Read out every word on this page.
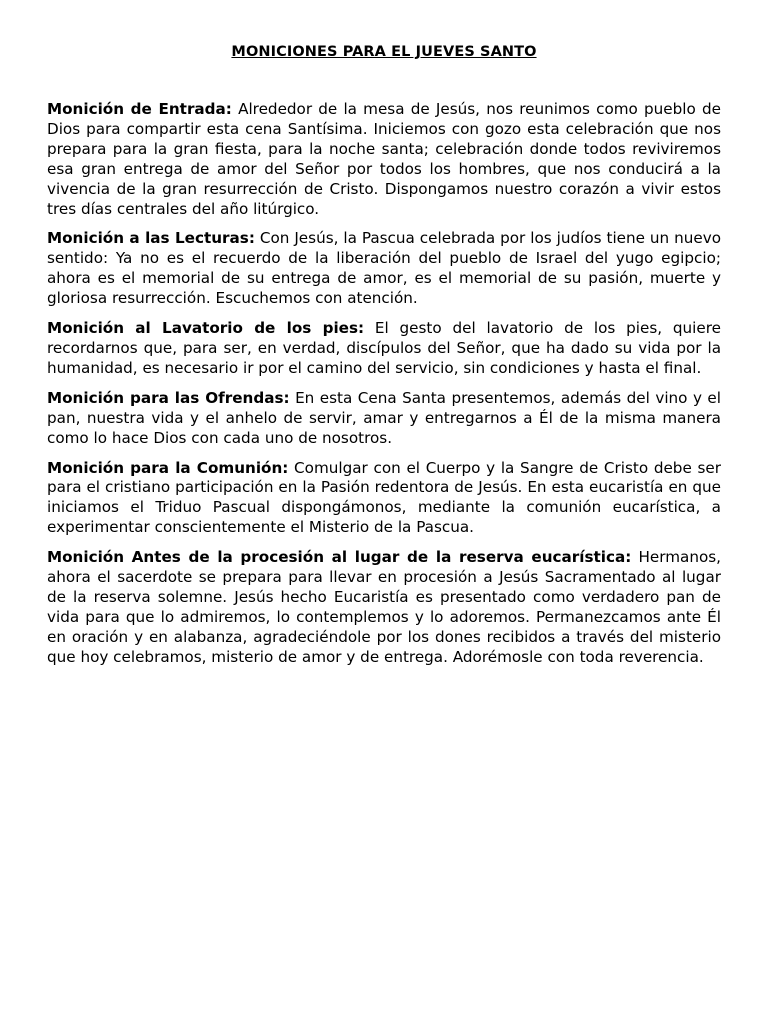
MONICIONES PARA EL JUEVES SANTO

Monición de Entrada: Alrededor de la mesa de Jesús, nos reunimos como pueblo de Dios para compartir esta cena Santísima. Iniciemos con gozo esta celebración que nos prepara para la gran fiesta, para la noche santa; celebración donde todos reviviremos esa gran entrega de amor del Señor por todos los hombres, que nos conducirá a la vivencia de la gran resurrección de Cristo. Dispongamos nuestro corazón a vivir estos tres días centrales del año litúrgico.

Monición a las Lecturas: Con Jesús, la Pascua celebrada por los judíos tiene un nuevo sentido: Ya no es el recuerdo de la liberación del pueblo de Israel del yugo egipcio; ahora es el memorial de su entrega de amor, es el memorial de su pasión, muerte y gloriosa resurrección. Escuchemos con atención.

Monición al Lavatorio de los pies: El gesto del lavatorio de los pies, quiere recordarnos que, para ser, en verdad, discípulos del Señor, que ha dado su vida por la humanidad, es necesario ir por el camino del servicio, sin condiciones y hasta el final.

Monición para las Ofrendas: En esta Cena Santa presentemos, además del vino y el pan, nuestra vida y el anhelo de servir, amar y entregarnos a Él de la misma manera como lo hace Dios con cada uno de nosotros.

Monición para la Comunión: Comulgar con el Cuerpo y la Sangre de Cristo debe ser para el cristiano participación en la Pasión redentora de Jesús. En esta eucaristía en que iniciamos el Triduo Pascual dispongámonos, mediante la comunión eucarística, a experimentar conscientemente el Misterio de la Pascua.

Monición Antes de la procesión al lugar de la reserva eucarística: Hermanos, ahora el sacerdote se prepara para llevar en procesión a Jesús Sacramentado al lugar de la reserva solemne. Jesús hecho Eucaristía es presentado como verdadero pan de vida para que lo admiremos, lo contemplemos y lo adoremos. Permanezcamos ante Él en oración y en alabanza, agradeciéndole por los dones recibidos a través del misterio que hoy celebramos, misterio de amor y de entrega. Adorémosle con toda reverencia.
